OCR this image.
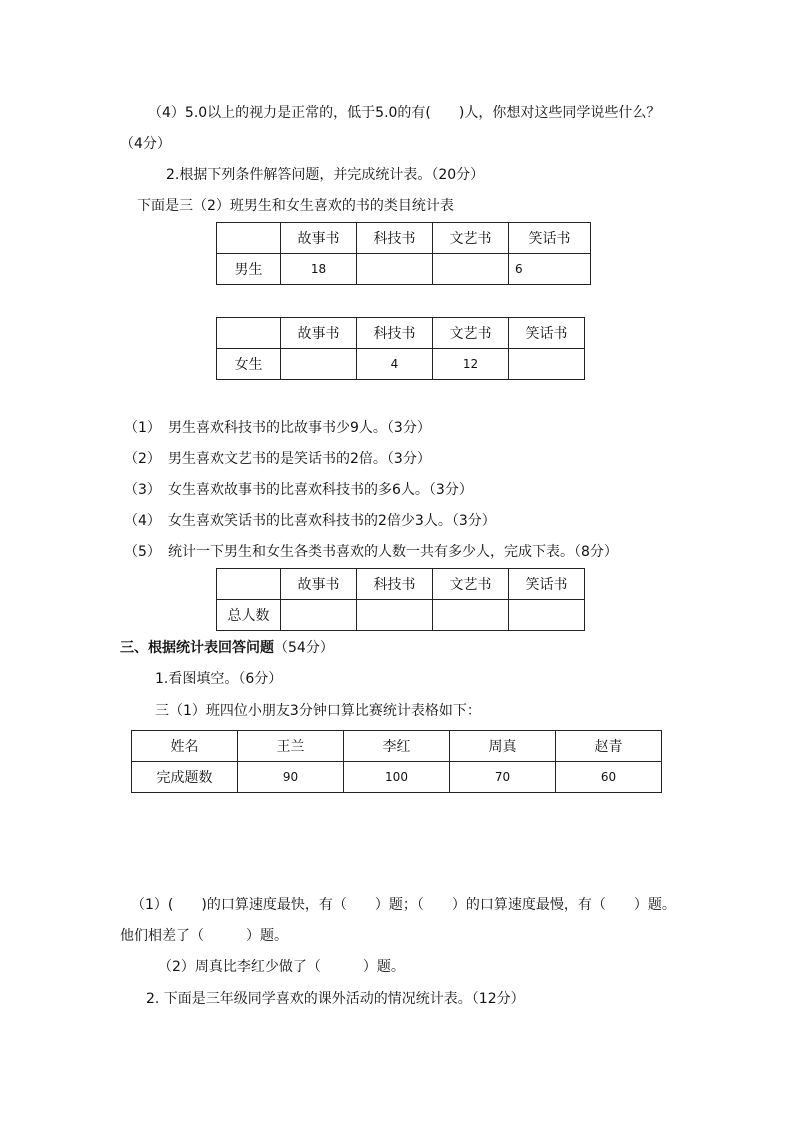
（4）5.0以上的视力是正常的，低于5.0的有(　　)人，你想对这些同学说些什么？
（4分）
2.根据下列条件解答问题，并完成统计表。（20分）
下面是三（2）班男生和女生喜欢的书的类目统计表
	故事书	科技书	文艺书	笑话书
男生	18			6
	故事书	科技书	文艺书	笑话书
女生		4	12	
（1） 男生喜欢科技书的比故事书少9人。（3分）
（2） 男生喜欢文艺书的是笑话书的2倍。（3分）
（3） 女生喜欢故事书的比喜欢科技书的多6人。（3分）
（4） 女生喜欢笑话书的比喜欢科技书的2倍少3人。（3分）
（5） 统计一下男生和女生各类书喜欢的人数一共有多少人，完成下表。（8分）
	故事书	科技书	文艺书	笑话书
总人数				
三、根据统计表回答问题（54分）
1.看图填空。（6分）
三（1）班四位小朋友3分钟口算比赛统计表格如下：
姓名	王兰	李红	周真	赵青
完成题数	90	100	70	60
（1）(　　)的口算速度最快，有（　　）题；（　　）的口算速度最慢，有（　　）题。
他们相差了（　　　）题。
（2）周真比李红少做了（　　　）题。
2. 下面是三年级同学喜欢的课外活动的情况统计表。（12分）
